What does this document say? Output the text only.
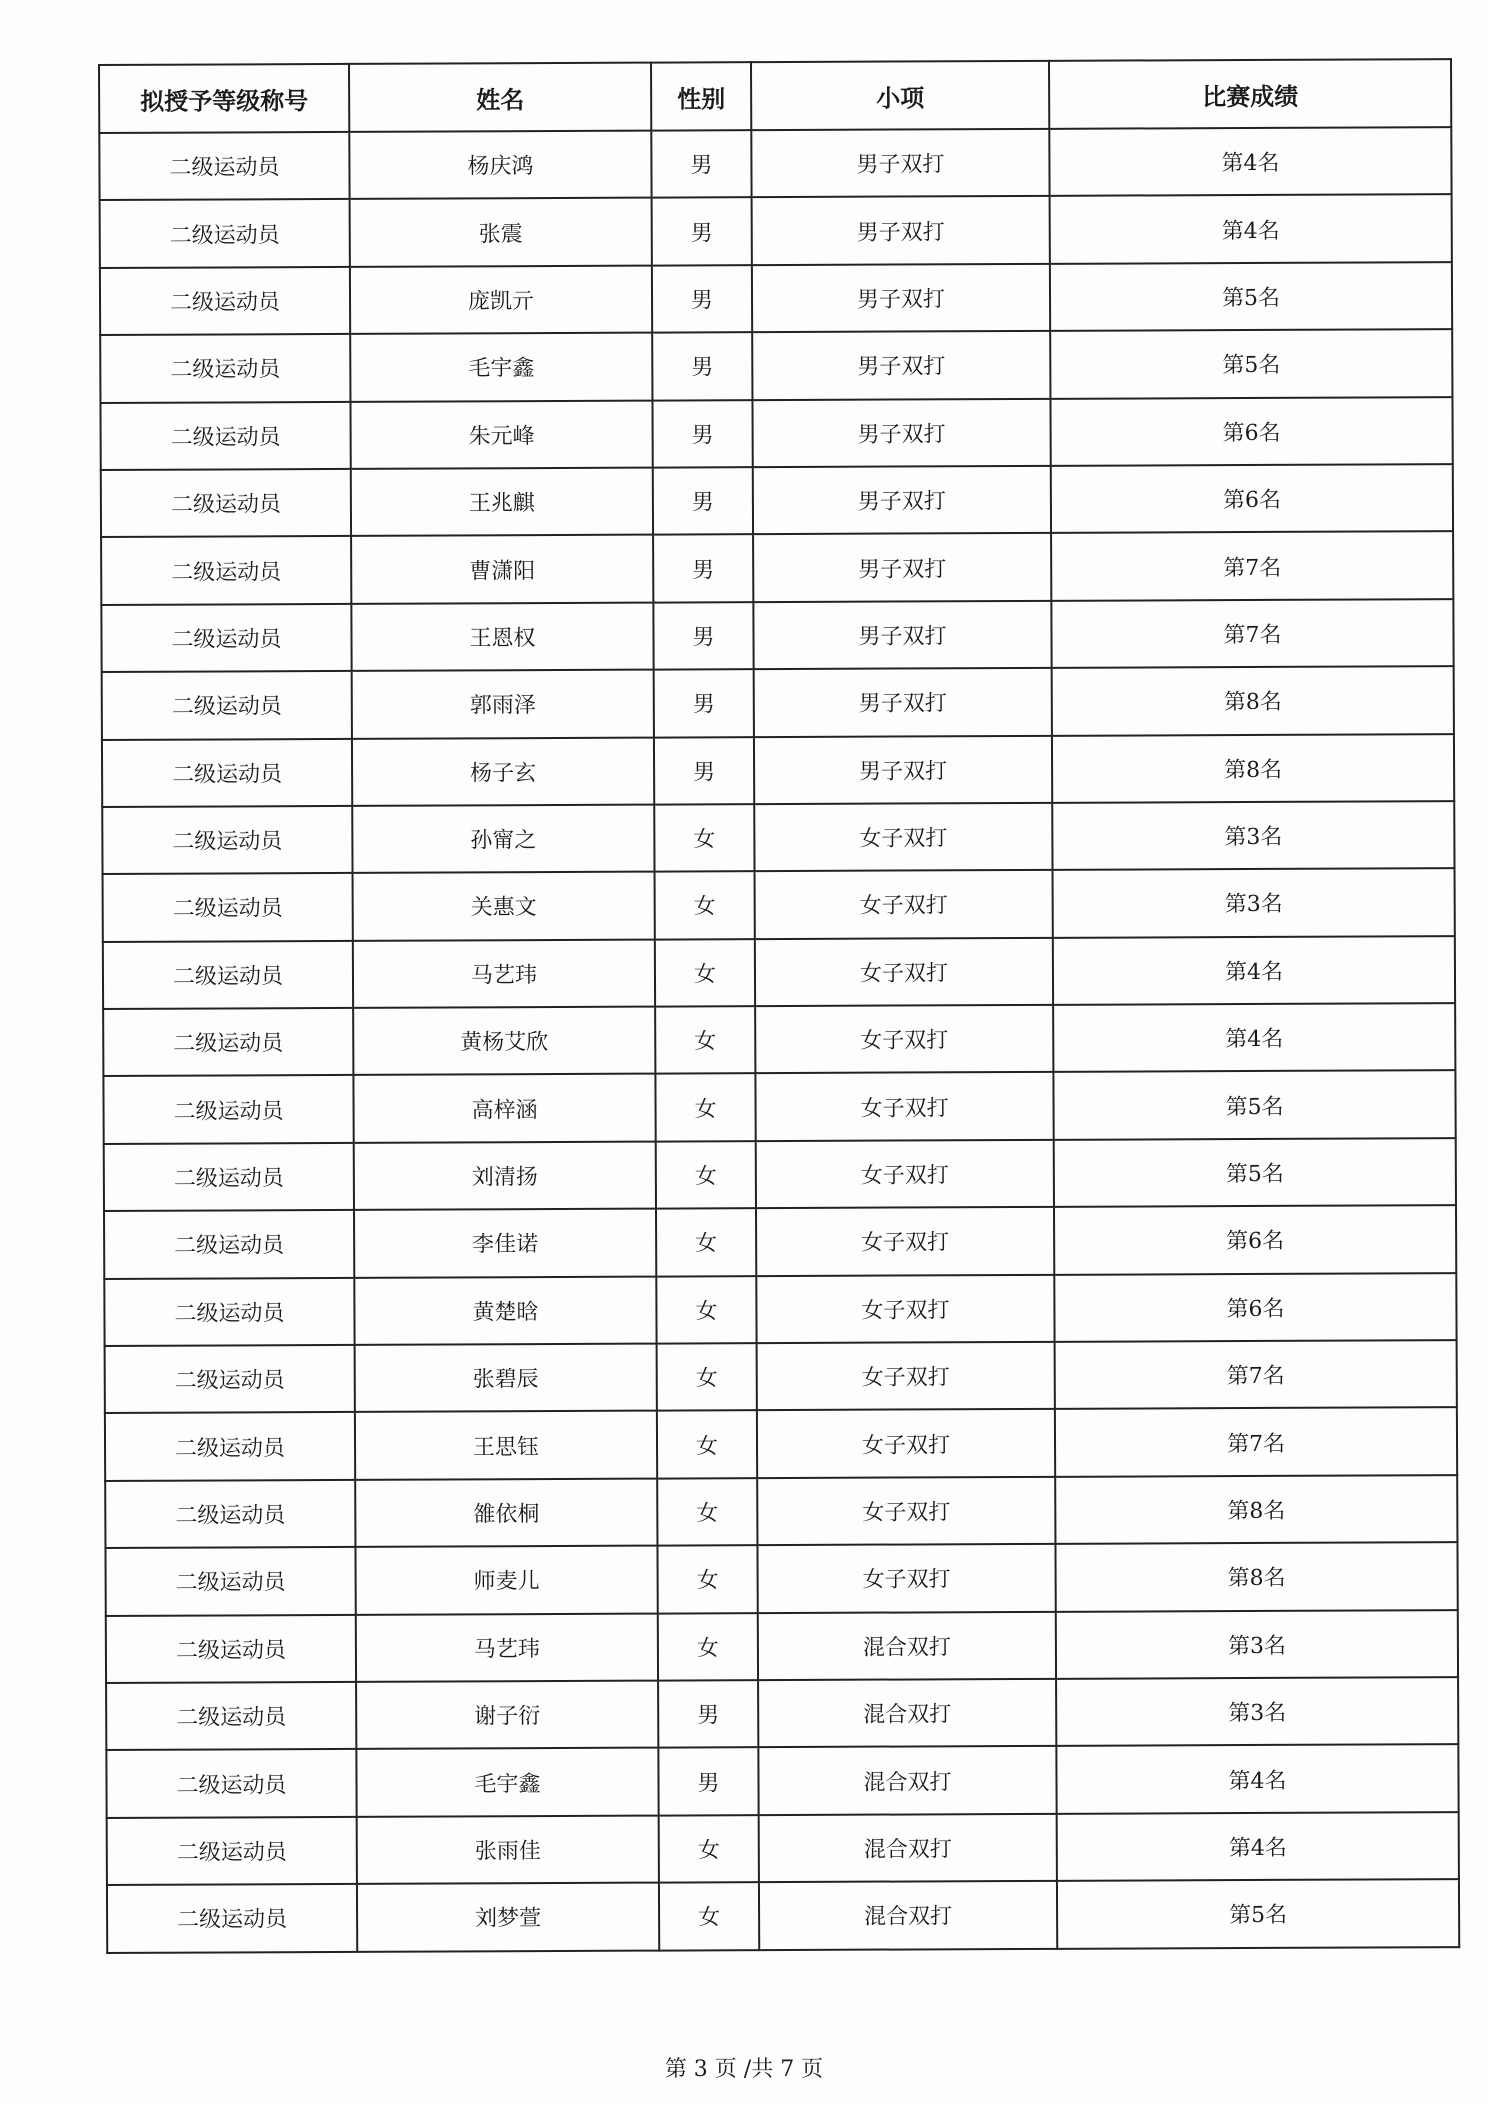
拟授予等级称号	姓名	性别	小项	比赛成绩
二级运动员	杨庆鸿	男	男子双打	第4名
二级运动员	张震	男	男子双打	第4名
二级运动员	庞凯亓	男	男子双打	第5名
二级运动员	毛宇鑫	男	男子双打	第5名
二级运动员	朱元峰	男	男子双打	第6名
二级运动员	王兆麒	男	男子双打	第6名
二级运动员	曹潇阳	男	男子双打	第7名
二级运动员	王恩权	男	男子双打	第7名
二级运动员	郭雨泽	男	男子双打	第8名
二级运动员	杨子玄	男	男子双打	第8名
二级运动员	孙甯之	女	女子双打	第3名
二级运动员	关惠文	女	女子双打	第3名
二级运动员	马艺玮	女	女子双打	第4名
二级运动员	黄杨艾欣	女	女子双打	第4名
二级运动员	高梓涵	女	女子双打	第5名
二级运动员	刘清扬	女	女子双打	第5名
二级运动员	李佳诺	女	女子双打	第6名
二级运动员	黄楚晗	女	女子双打	第6名
二级运动员	张碧辰	女	女子双打	第7名
二级运动员	王思钰	女	女子双打	第7名
二级运动员	雒依桐	女	女子双打	第8名
二级运动员	师麦儿	女	女子双打	第8名
二级运动员	马艺玮	女	混合双打	第3名
二级运动员	谢子衍	男	混合双打	第3名
二级运动员	毛宇鑫	男	混合双打	第4名
二级运动员	张雨佳	女	混合双打	第4名
二级运动员	刘梦萱	女	混合双打	第5名
第 3 页 /共 7 页
